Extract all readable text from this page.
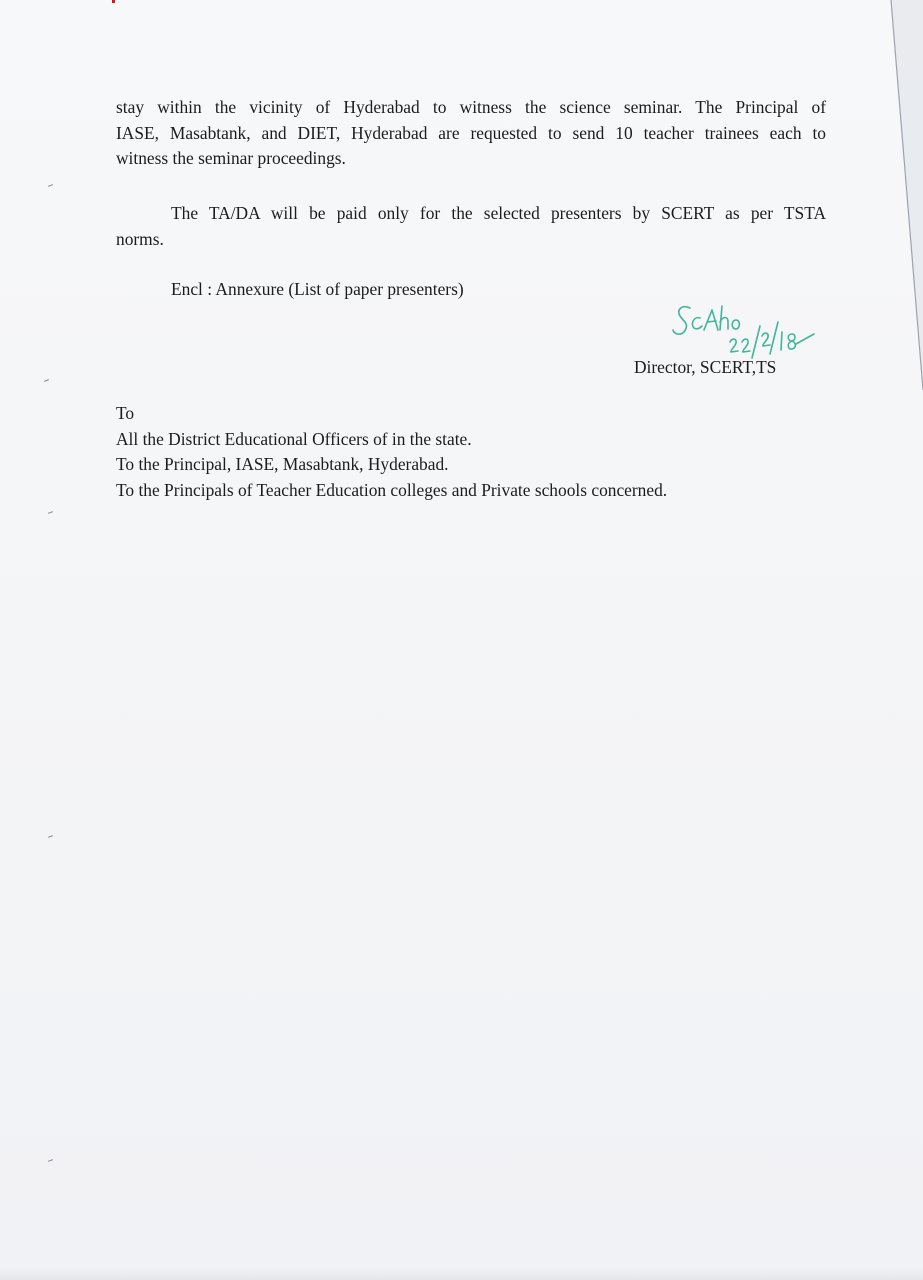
stay within the vicinity of Hyderabad to witness the science seminar. The Principal of
IASE, Masabtank, and DIET, Hyderabad are requested to send 10 teacher trainees each to
witness the seminar proceedings.
The TA/DA will be paid only for the selected presenters by SCERT as per TSTA
norms.
Encl : Annexure (List of paper presenters)
Director, SCERT,TS
To
All the District Educational Officers of in the state.
To the Principal, IASE, Masabtank, Hyderabad.
To the Principals of Teacher Education colleges and Private schools concerned.
